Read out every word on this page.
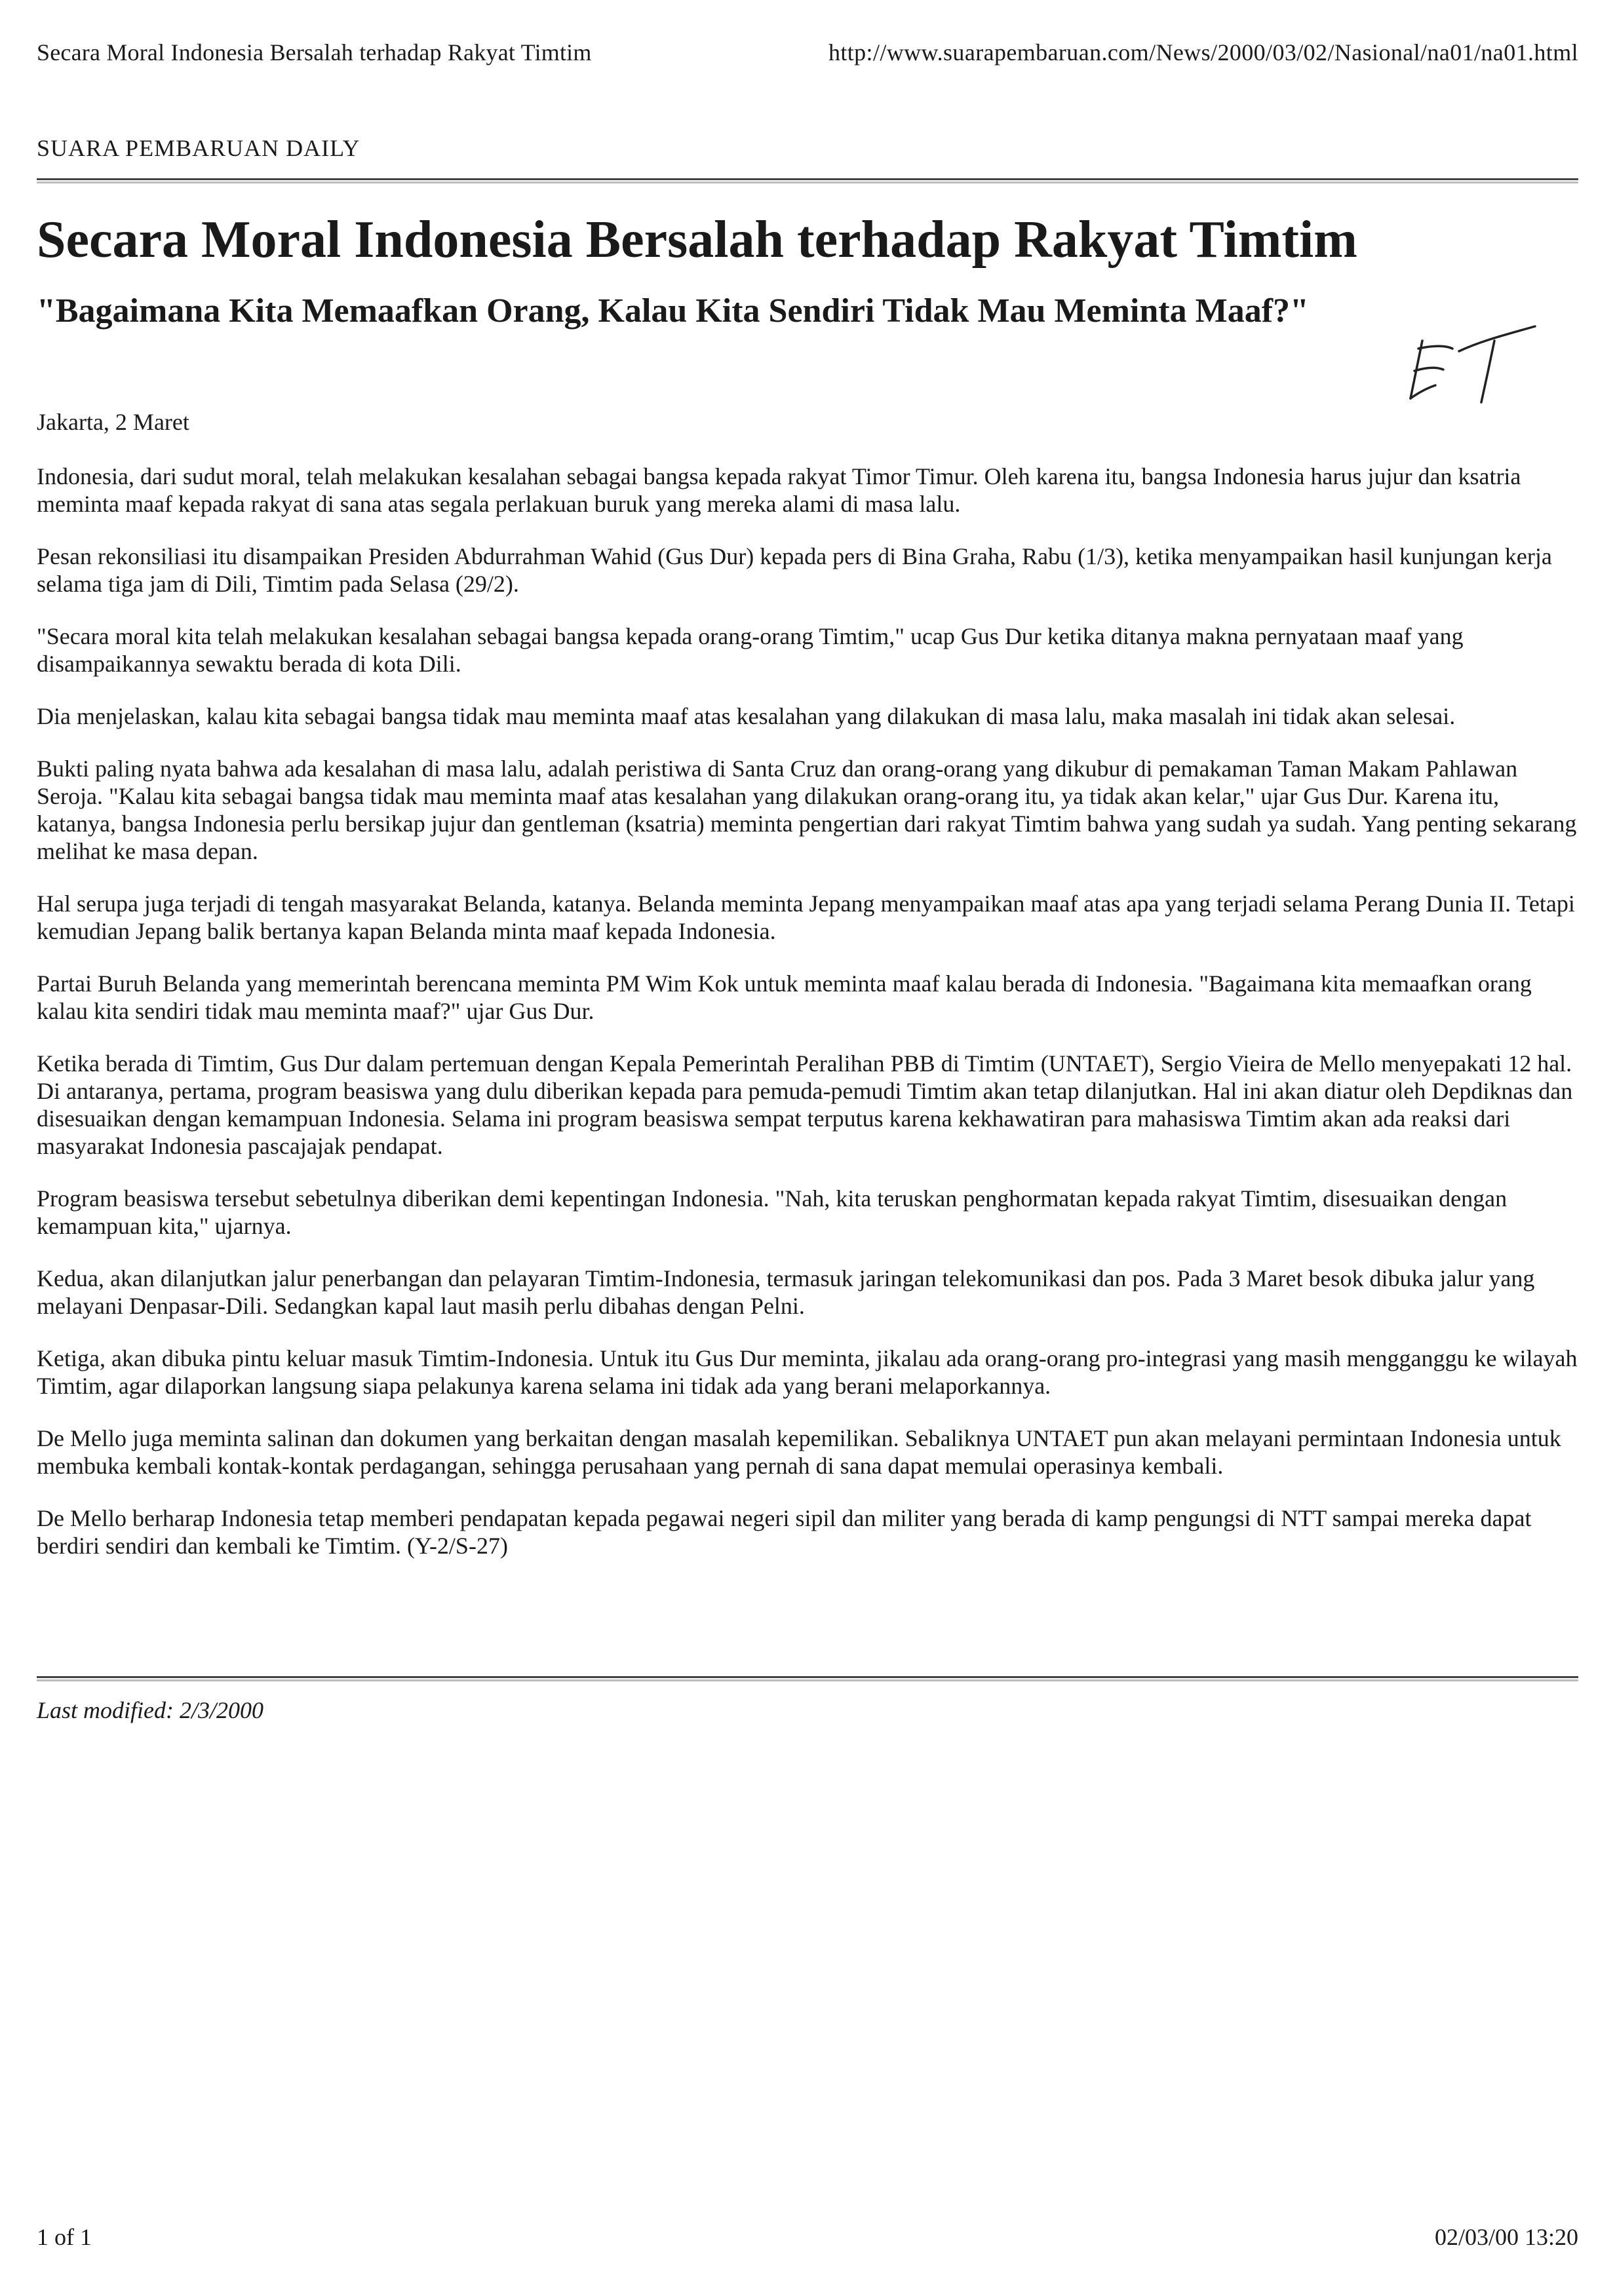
Secara Moral Indonesia Bersalah terhadap Rakyat Timtim	http://www.suarapembaruan.com/News/2000/03/02/Nasional/na01/na01.html
SUARA PEMBARUAN DAILY
Secara Moral Indonesia Bersalah terhadap Rakyat Timtim
"Bagaimana Kita Memaafkan Orang, Kalau Kita Sendiri Tidak Mau Meminta Maaf?"
Jakarta, 2 Maret

Indonesia, dari sudut moral, telah melakukan kesalahan sebagai bangsa kepada rakyat Timor Timur. Oleh karena itu, bangsa Indonesia harus jujur dan ksatria meminta maaf kepada rakyat di sana atas segala perlakuan buruk yang mereka alami di masa lalu.

Pesan rekonsiliasi itu disampaikan Presiden Abdurrahman Wahid (Gus Dur) kepada pers di Bina Graha, Rabu (1/3), ketika menyampaikan hasil kunjungan kerja selama tiga jam di Dili, Timtim pada Selasa (29/2).

"Secara moral kita telah melakukan kesalahan sebagai bangsa kepada orang-orang Timtim," ucap Gus Dur ketika ditanya makna pernyataan maaf yang disampaikannya sewaktu berada di kota Dili.

Dia menjelaskan, kalau kita sebagai bangsa tidak mau meminta maaf atas kesalahan yang dilakukan di masa lalu, maka masalah ini tidak akan selesai.

Bukti paling nyata bahwa ada kesalahan di masa lalu, adalah peristiwa di Santa Cruz dan orang-orang yang dikubur di pemakaman Taman Makam Pahlawan Seroja. "Kalau kita sebagai bangsa tidak mau meminta maaf atas kesalahan yang dilakukan orang-orang itu, ya tidak akan kelar," ujar Gus Dur. Karena itu, katanya, bangsa Indonesia perlu bersikap jujur dan gentleman (ksatria) meminta pengertian dari rakyat Timtim bahwa yang sudah ya sudah. Yang penting sekarang melihat ke masa depan.

Hal serupa juga terjadi di tengah masyarakat Belanda, katanya. Belanda meminta Jepang menyampaikan maaf atas apa yang terjadi selama Perang Dunia II. Tetapi kemudian Jepang balik bertanya kapan Belanda minta maaf kepada Indonesia.

Partai Buruh Belanda yang memerintah berencana meminta PM Wim Kok untuk meminta maaf kalau berada di Indonesia. "Bagaimana kita memaafkan orang kalau kita sendiri tidak mau meminta maaf?" ujar Gus Dur.

Ketika berada di Timtim, Gus Dur dalam pertemuan dengan Kepala Pemerintah Peralihan PBB di Timtim (UNTAET), Sergio Vieira de Mello menyepakati 12 hal. Di antaranya, pertama, program beasiswa yang dulu diberikan kepada para pemuda-pemudi Timtim akan tetap dilanjutkan. Hal ini akan diatur oleh Depdiknas dan disesuaikan dengan kemampuan Indonesia. Selama ini program beasiswa sempat terputus karena kekhawatiran para mahasiswa Timtim akan ada reaksi dari masyarakat Indonesia pascajajak pendapat.

Program beasiswa tersebut sebetulnya diberikan demi kepentingan Indonesia. "Nah, kita teruskan penghormatan kepada rakyat Timtim, disesuaikan dengan kemampuan kita," ujarnya.

Kedua, akan dilanjutkan jalur penerbangan dan pelayaran Timtim-Indonesia, termasuk jaringan telekomunikasi dan pos. Pada 3 Maret besok dibuka jalur yang melayani Denpasar-Dili. Sedangkan kapal laut masih perlu dibahas dengan Pelni.

Ketiga, akan dibuka pintu keluar masuk Timtim-Indonesia. Untuk itu Gus Dur meminta, jikalau ada orang-orang pro-integrasi yang masih mengganggu ke wilayah Timtim, agar dilaporkan langsung siapa pelakunya karena selama ini tidak ada yang berani melaporkannya.

De Mello juga meminta salinan dan dokumen yang berkaitan dengan masalah kepemilikan. Sebaliknya UNTAET pun akan melayani permintaan Indonesia untuk membuka kembali kontak-kontak perdagangan, sehingga perusahaan yang pernah di sana dapat memulai operasinya kembali.

De Mello berharap Indonesia tetap memberi pendapatan kepada pegawai negeri sipil dan militer yang berada di kamp pengungsi di NTT sampai mereka dapat berdiri sendiri dan kembali ke Timtim. (Y-2/S-27)

Last modified: 2/3/2000
1 of 1	02/03/00 13:20
